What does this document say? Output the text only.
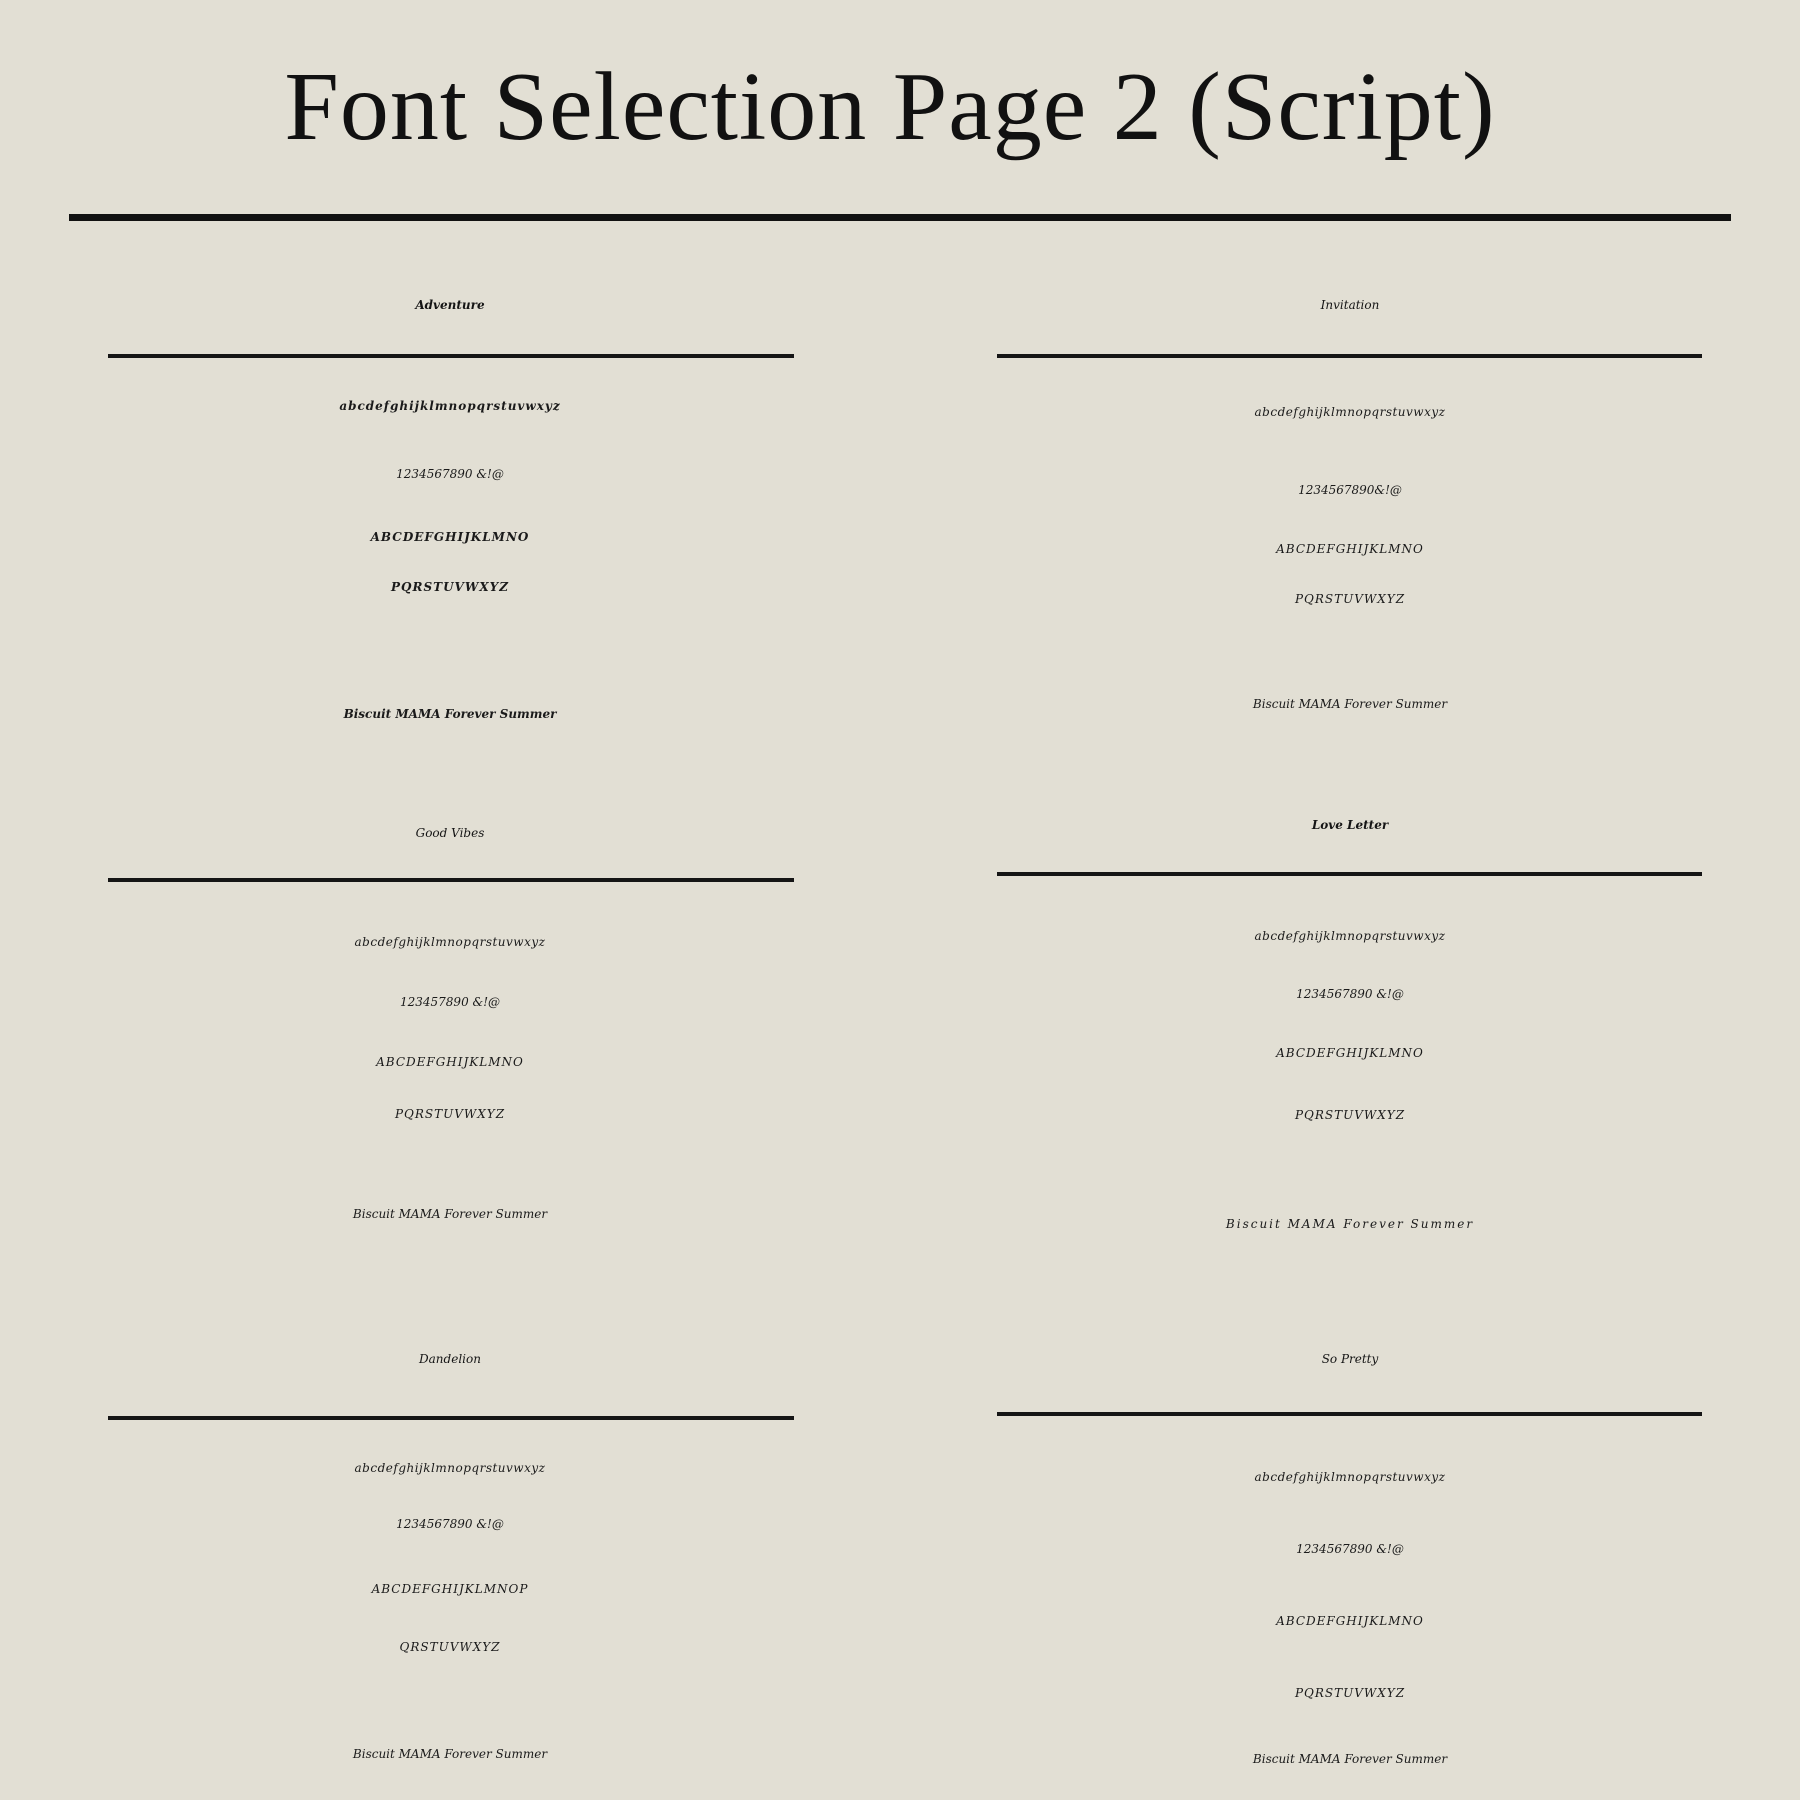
Font Selection Page 2 (Script)
Adventure
abcdefghijklmnopqrstuvwxyz
1234567890 &!@
ABCDEFGHIJKLMNO
PQRSTUVWXYZ
Biscuit MAMA Forever Summer
Invitation
abcdefghijklmnopqrstuvwxyz
1234567890&!@
ABCDEFGHIJKLMNO
PQRSTUVWXYZ
Biscuit MAMA Forever Summer
Good Vibes
abcdefghijklmnopqrstuvwxyz
123457890 &!@
ABCDEFGHIJKLMNO
PQRSTUVWXYZ
Biscuit MAMA Forever Summer
Love Letter
abcdefghijklmnopqrstuvwxyz
1234567890 &!@
ABCDEFGHIJKLMNO
PQRSTUVWXYZ
Biscuit MAMA Forever Summer
Dandelion
abcdefghijklmnopqrstuvwxyz
1234567890 &!@
ABCDEFGHIJKLMNOP
QRSTUVWXYZ
Biscuit MAMA Forever Summer
So Pretty
abcdefghijklmnopqrstuvwxyz
1234567890 &!@
ABCDEFGHIJKLMNO
PQRSTUVWXYZ
Biscuit MAMA Forever Summer
